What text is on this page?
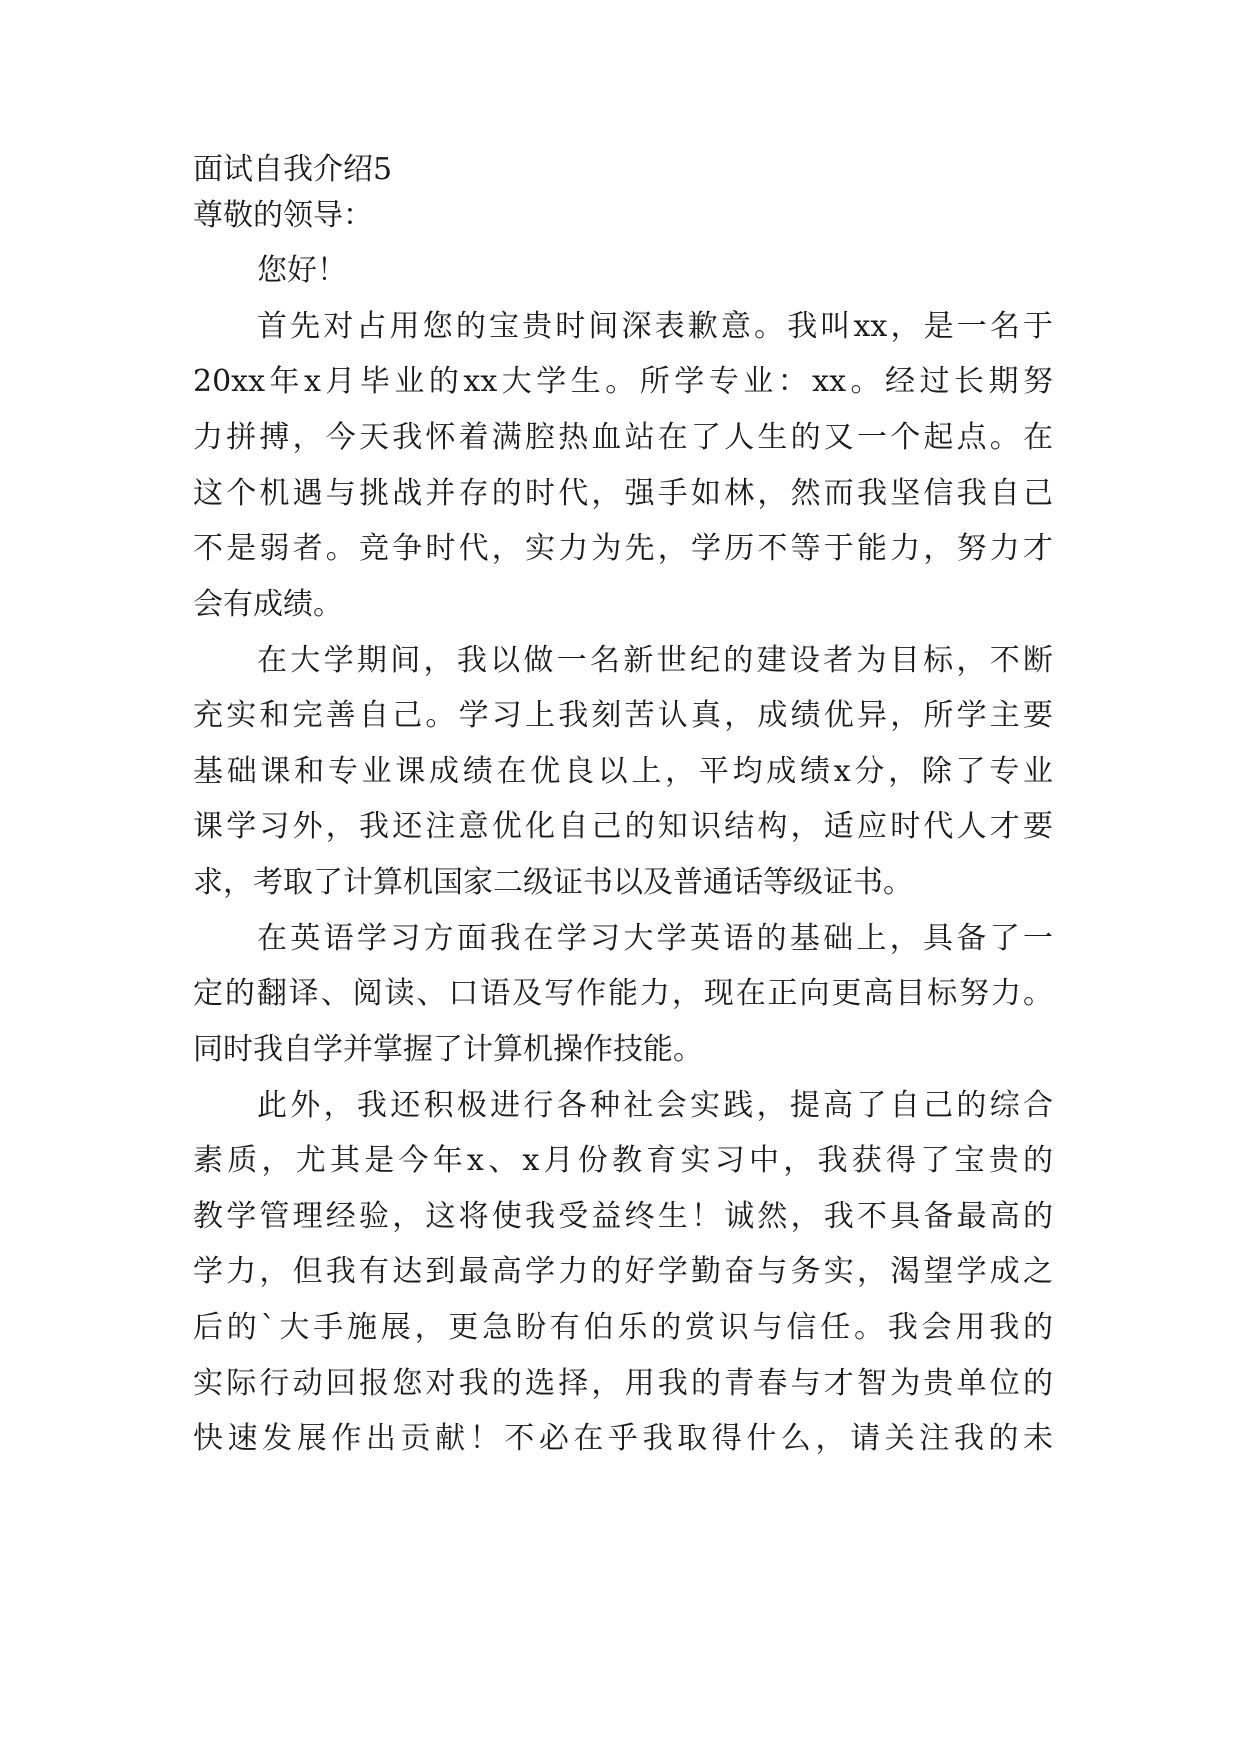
面试自我介绍5
尊敬的领导：
您好！
首先对占用您的宝贵时间深表歉意。我叫xx，是一名于
20xx年x月毕业的xx大学生。所学专业：xx。经过长期努
力拼搏，今天我怀着满腔热血站在了人生的又一个起点。在
这个机遇与挑战并存的时代，强手如林，然而我坚信我自己
不是弱者。竞争时代，实力为先，学历不等于能力，努力才
会有成绩。
在大学期间，我以做一名新世纪的建设者为目标，不断
充实和完善自己。学习上我刻苦认真，成绩优异，所学主要
基础课和专业课成绩在优良以上，平均成绩x分，除了专业
课学习外，我还注意优化自己的知识结构，适应时代人才要
求，考取了计算机国家二级证书以及普通话等级证书。
在英语学习方面我在学习大学英语的基础上，具备了一
定的翻译、阅读、口语及写作能力，现在正向更高目标努力。
同时我自学并掌握了计算机操作技能。
此外，我还积极进行各种社会实践，提高了自己的综合
素质，尤其是今年x、x月份教育实习中，我获得了宝贵的
教学管理经验，这将使我受益终生！诚然，我不具备最高的
学力，但我有达到最高学力的好学勤奋与务实，渴望学成之
后的`大手施展，更急盼有伯乐的赏识与信任。我会用我的
实际行动回报您对我的选择，用我的青春与才智为贵单位的
快速发展作出贡献！不必在乎我取得什么，请关注我的未
